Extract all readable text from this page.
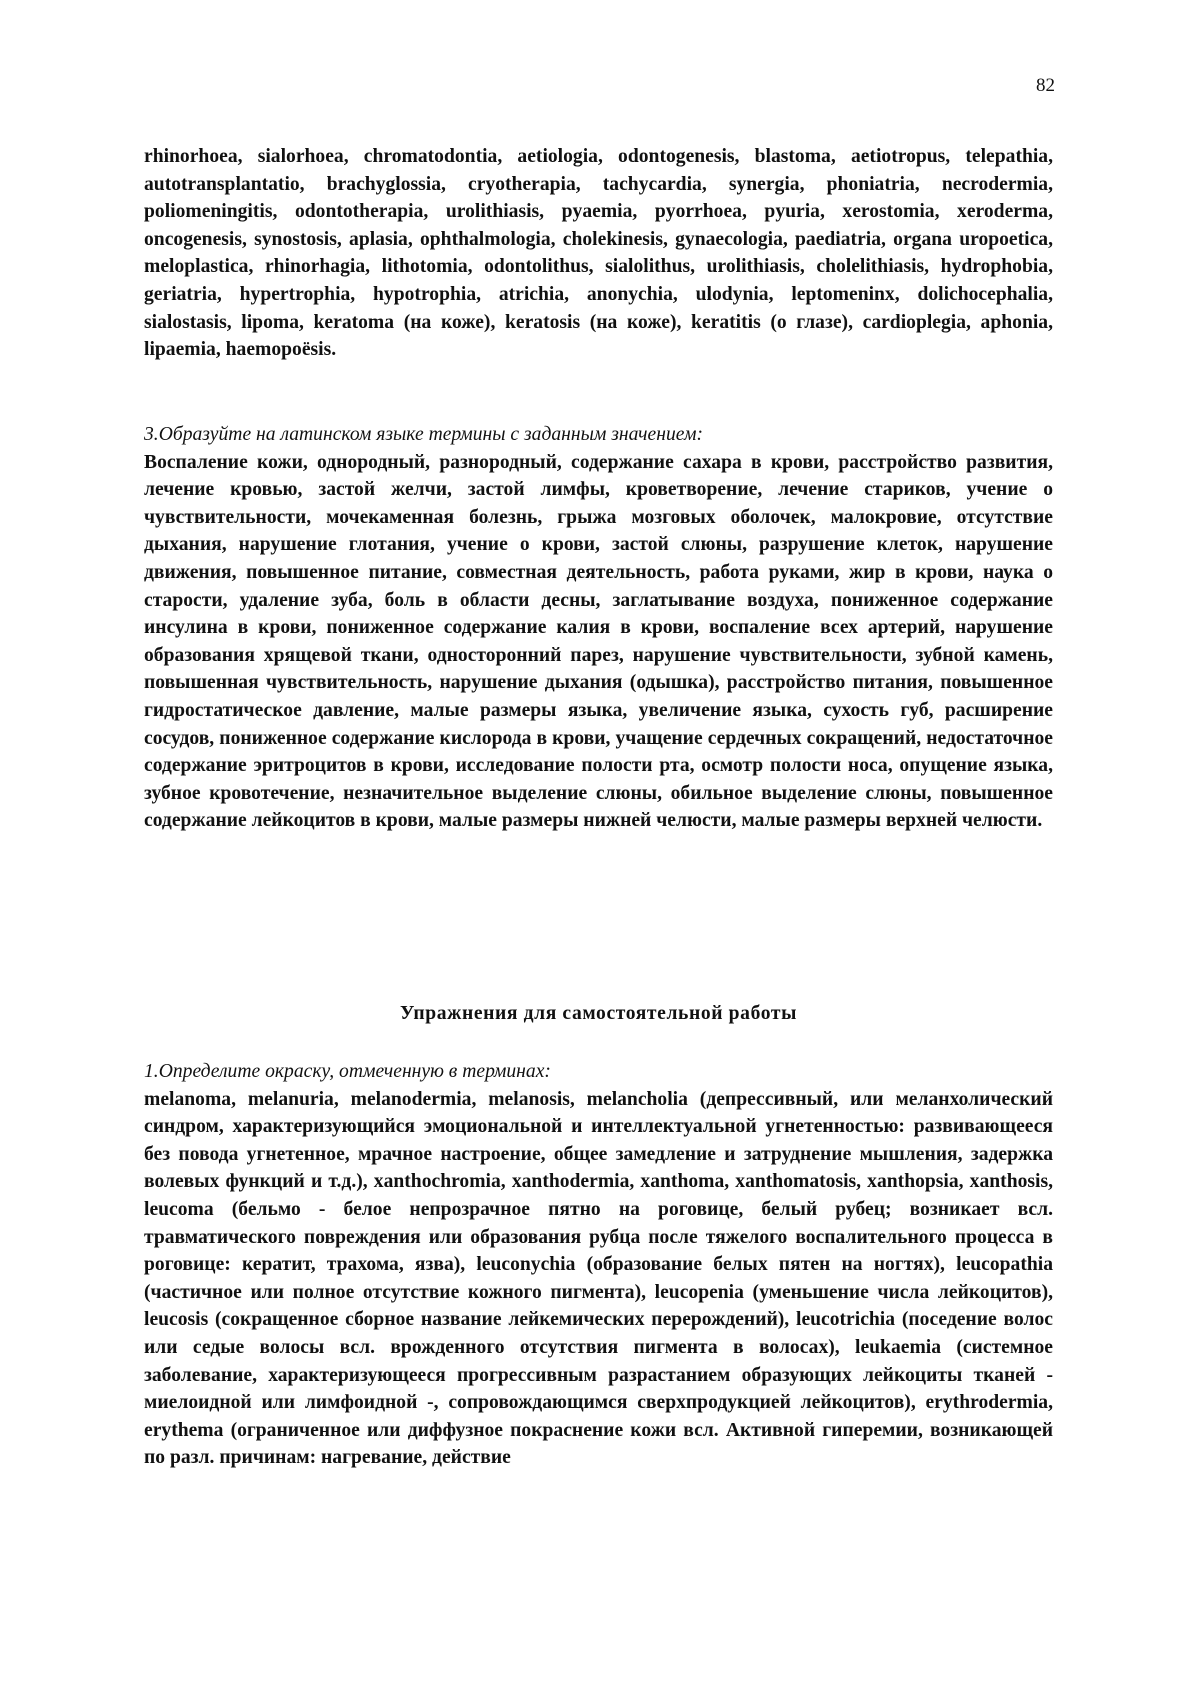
82

rhinorhoea, sialorhoea, chromatodontia, aetiologia, odontogenesis, blastoma, aetiotropus, telepathia, autotransplantatio, brachyglossia, cryotherapia, tachycardia, synergia, phoniatria, necrodermia, poliomeningitis, odontotherapia, urolithiasis, pyaemia, pyorrhoea, pyuria, xerostomia, xeroderma, oncogenesis, synostosis, aplasia, ophthalmologia, cholekinesis, gynaecologia, paediatria, organa uropoetica, meloplastica, rhinorhagia, lithotomia, odontolithus, sialolithus, urolithiasis, cholelithiasis, hydrophobia, geriatria, hypertrophia, hypotrophia, atrichia, anonychia, ulodynia, leptomeninx, dolichocephalia, sialostasis, lipoma, keratoma (на коже), keratosis (на коже), keratitis (о глазе), cardioplegia, aphonia, lipaemia, haemopoësis.

3.Образуйте на латинском языке термины с заданным значением:
Воспаление кожи, однородный, разнородный, содержание сахара в крови, расстройство развития, лечение кровью, застой желчи, застой лимфы, кроветворение, лечение стариков, учение о чувствительности, мочекаменная болезнь, грыжа мозговых оболочек, малокровие, отсутствие дыхания, нарушение глотания, учение о крови, застой слюны, разрушение клеток, нарушение движения, повышенное питание, совместная деятельность, работа руками, жир в крови, наука о старости, удаление зуба, боль в области десны, заглатывание воздуха, пониженное содержание инсулина в крови, пониженное содержание калия в крови, воспаление всех артерий, нарушение образования хрящевой ткани, односторонний парез, нарушение чувствительности, зубной камень, повышенная чувствительность, нарушение дыхания (одышка), расстройство питания, повышенное гидростатическое давление, малые размеры языка, увеличение языка, сухость губ, расширение сосудов, пониженное содержание кислорода в крови, учащение сердечных сокращений, недостаточное содержание эритроцитов в крови, исследование полости рта, осмотр полости носа, опущение языка, зубное кровотечение, незначительное выделение слюны, обильное выделение слюны, повышенное содержание лейкоцитов в крови, малые размеры нижней челюсти, малые размеры верхней челюсти.
Упражнения для самостоятельной работы
1.Определите окраску, отмеченную в терминах:
melanoma, melanuria, melanodermia, melanosis, melancholia (депрессивный, или меланхолический синдром, характеризующийся эмоциональной и интеллектуальной угнетенностью: развивающееся без повода угнетенное, мрачное настроение, общее замедление и затруднение мышления, задержка волевых функций и т.д.), xanthochromia, xanthodermia, xanthoma, xanthomatosis, xanthopsia, xanthosis, leucoma (бельмо - белое непрозрачное пятно на роговице, белый рубец; возникает всл. травматического повреждения или образования рубца после тяжелого воспалительного процесса в роговице: кератит, трахома, язва), leuconychia (образование белых пятен на ногтях), leucopathia (частичное или полное отсутствие кожного пигмента), leucopenia (уменьшение числа лейкоцитов), leucosis (сокращенное сборное название лейкемических перерождений), leucotrichia (поседение волос или седые волосы всл. врожденного отсутствия пигмента в волосах), leukaemia (системное заболевание, характеризующееся прогрессивным разрастанием образующих лейкоциты тканей - миелоидной или лимфоидной -, сопровождающимся сверхпродукцией лейкоцитов), erythrodermia, erythema (ограниченное или диффузное покраснение кожи всл. Активной гиперемии, возникающей по разл. причинам: нагревание, действие
